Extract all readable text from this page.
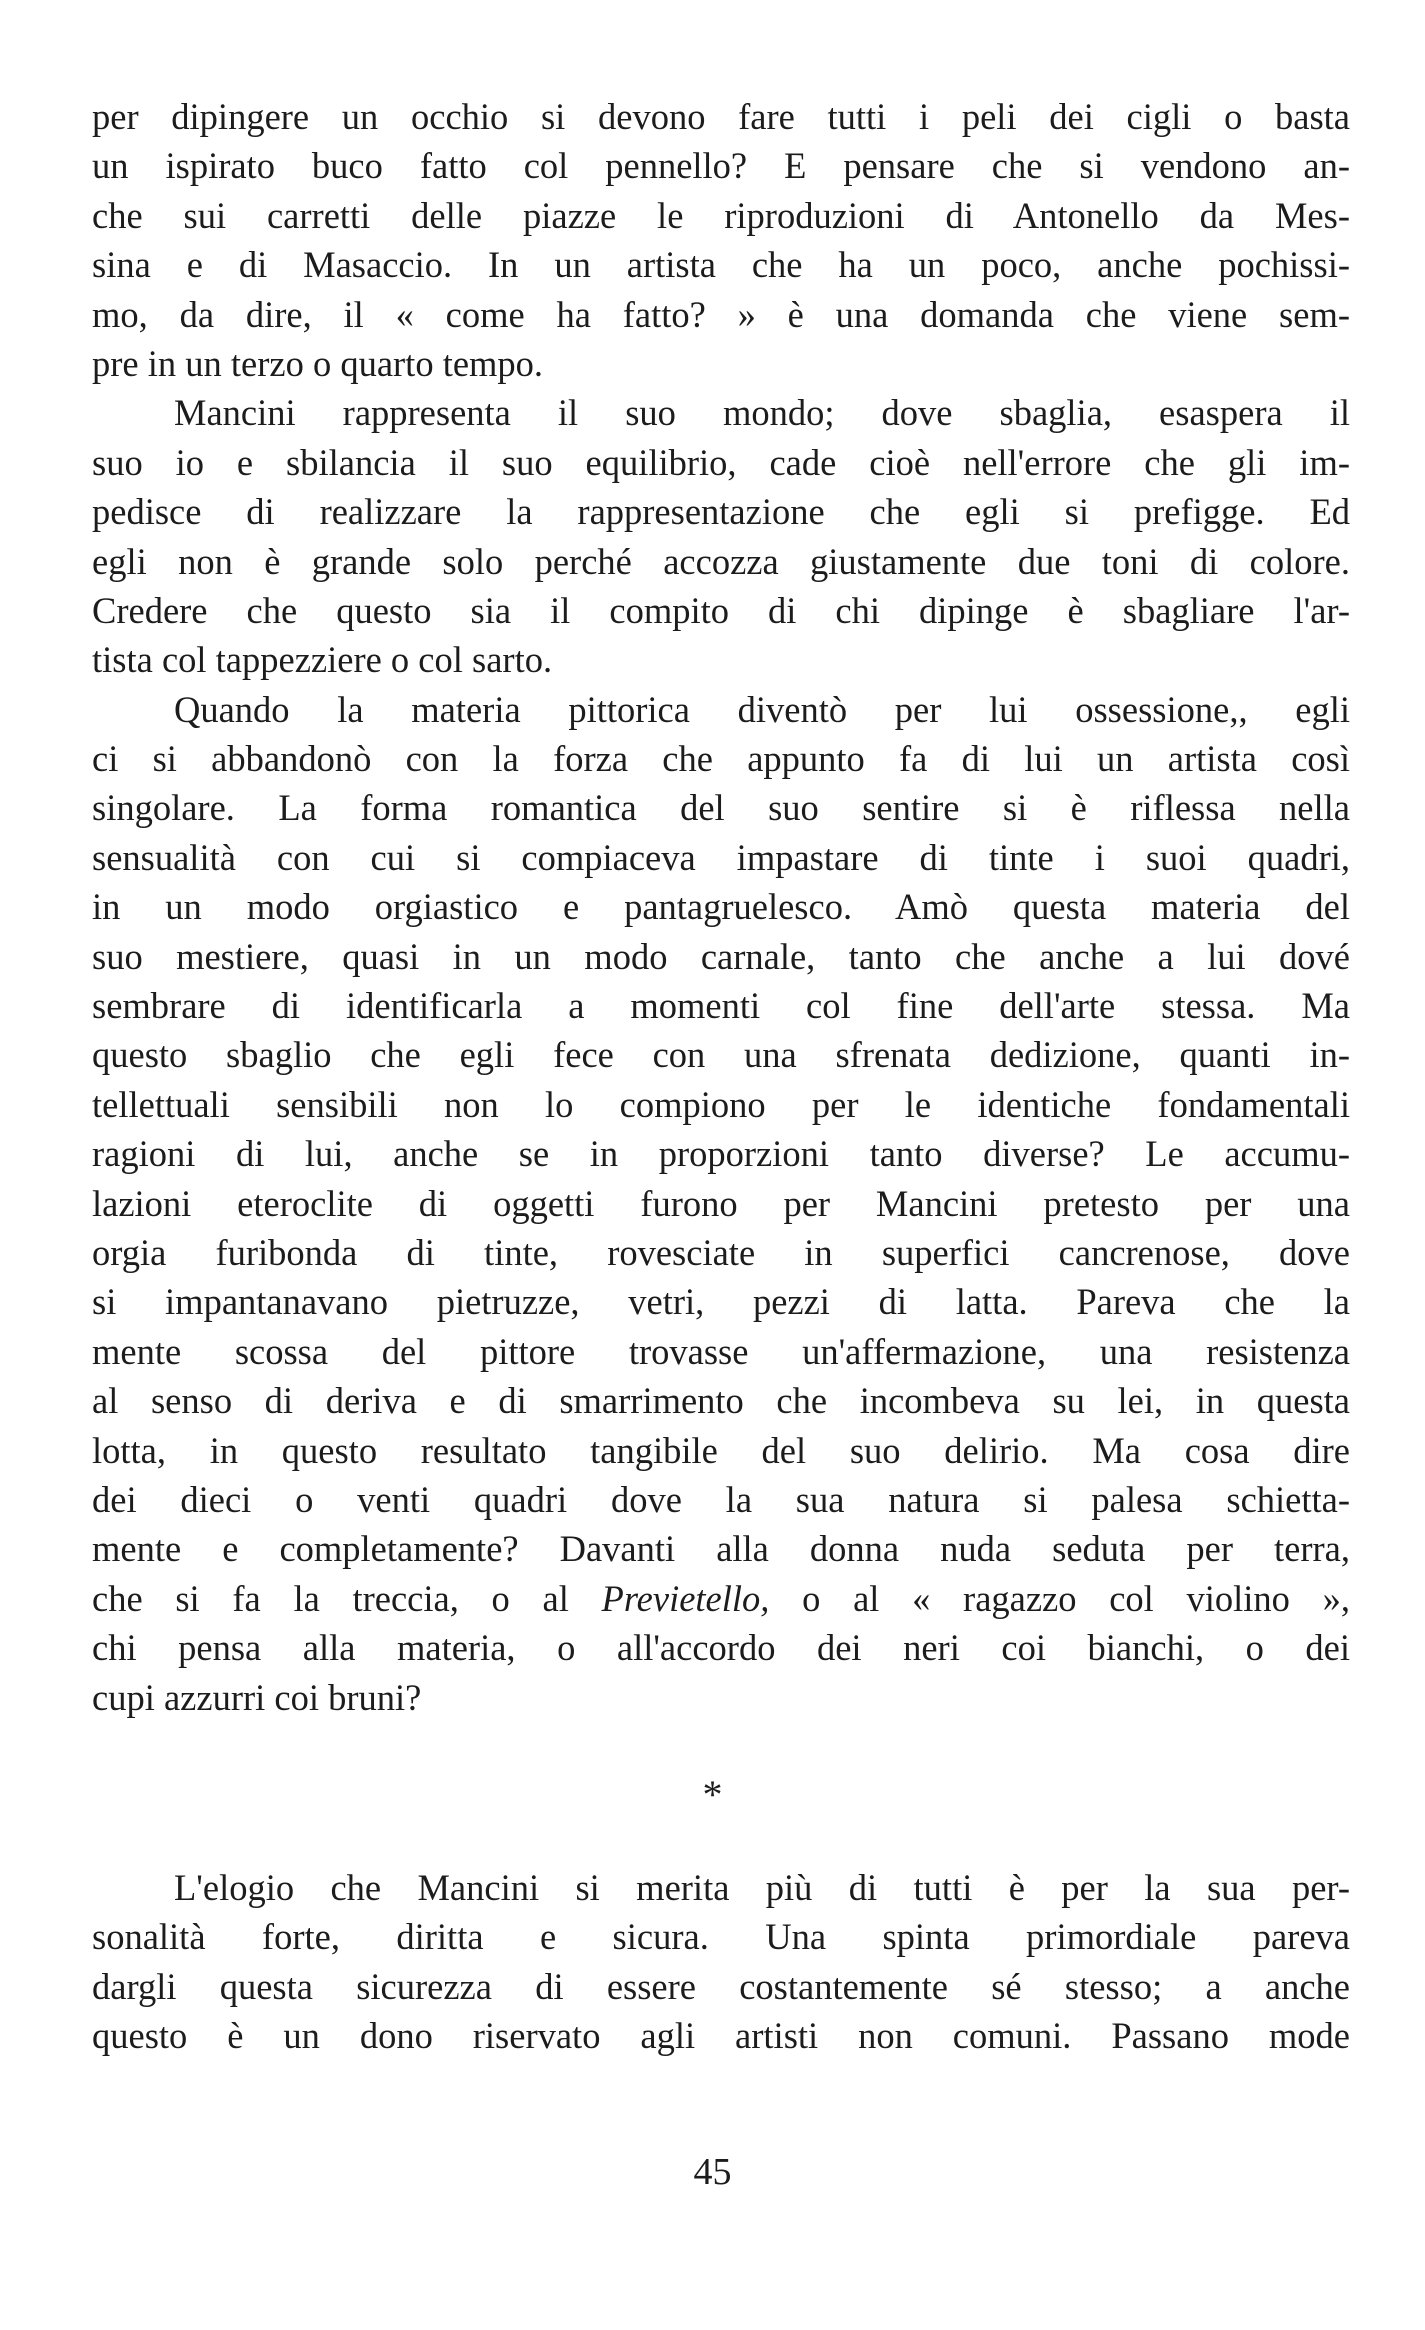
per dipingere un occhio si devono fare tutti i peli dei cigli o basta
un ispirato buco fatto col pennello? E pensare che si vendono an-
che sui carretti delle piazze le riproduzioni di Antonello da Mes-
sina e di Masaccio. In un artista che ha un poco, anche pochissi-
mo, da dire, il « come ha fatto? » è una domanda che viene sem-
pre in un terzo o quarto tempo.
Mancini rappresenta il suo mondo; dove sbaglia, esaspera il
suo io e sbilancia il suo equilibrio, cade cioè nell'errore che gli im-
pedisce di realizzare la rappresentazione che egli si prefigge. Ed
egli non è grande solo perché accozza giustamente due toni di colore.
Credere che questo sia il compito di chi dipinge è sbagliare l'ar-
tista col tappezziere o col sarto.
Quando la materia pittorica diventò per lui ossessione,, egli
ci si abbandonò con la forza che appunto fa di lui un artista così
singolare. La forma romantica del suo sentire si è riflessa nella
sensualità con cui si compiaceva impastare di tinte i suoi quadri,
in un modo orgiastico e pantagruelesco. Amò questa materia del
suo mestiere, quasi in un modo carnale, tanto che anche a lui dové
sembrare di identificarla a momenti col fine dell'arte stessa. Ma
questo sbaglio che egli fece con una sfrenata dedizione, quanti in-
tellettuali sensibili non lo compiono per le identiche fondamentali
ragioni di lui, anche se in proporzioni tanto diverse? Le accumu-
lazioni eteroclite di oggetti furono per Mancini pretesto per una
orgia furibonda di tinte, rovesciate in superfici cancrenose, dove
si impantanavano pietruzze, vetri, pezzi di latta. Pareva che la
mente scossa del pittore trovasse un'affermazione, una resistenza
al senso di deriva e di smarrimento che incombeva su lei, in questa
lotta, in questo resultato tangibile del suo delirio. Ma cosa dire
dei dieci o venti quadri dove la sua natura si palesa schietta-
mente e completamente? Davanti alla donna nuda seduta per terra,
che si fa la treccia, o al Previetello, o al « ragazzo col violino »,
chi pensa alla materia, o all'accordo dei neri coi bianchi, o dei
cupi azzurri coi bruni?
*
L'elogio che Mancini si merita più di tutti è per la sua per-
sonalità forte, diritta e sicura. Una spinta primordiale pareva
dargli questa sicurezza di essere costantemente sé stesso; a anche
questo è un dono riservato agli artisti non comuni. Passano mode
45
